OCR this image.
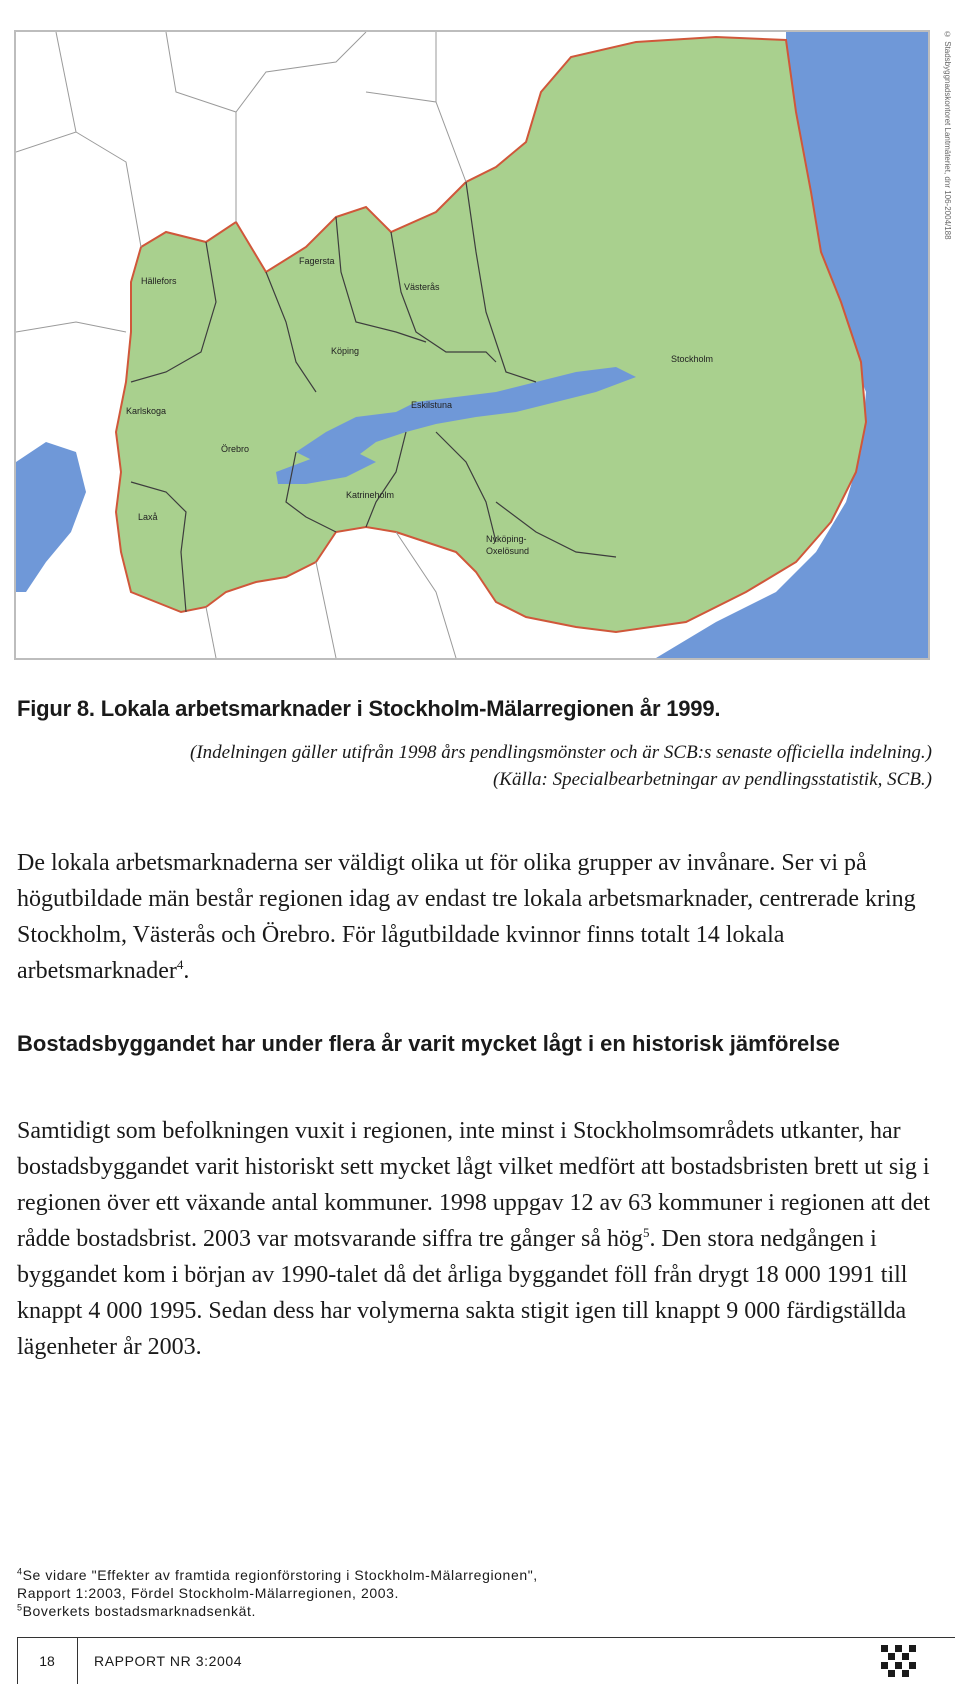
Hällefors
Fagersta
Västerås
Köping
Karlskoga
Örebro
Eskilstuna
Stockholm
Laxå
Katrineholm
Nyköping-
Oxelösund
© Stadsbyggnadskontoret Lantmäteriet, dnr 106-2004/188
Figur 8. Lokala arbetsmarknader i Stockholm-Mälarregionen år 1999.
(Indelningen gäller utifrån 1998 års pendlingsmönster och är SCB:s senaste officiella indelning.) (Källa: Specialbearbetningar av pendlingsstatistik, SCB.)
De lokala arbetsmarknaderna ser väldigt olika ut för olika grupper av invånare. Ser vi på högutbildade män består regionen idag av endast tre lokala arbetsmarknader, centrerade kring Stockholm, Västerås och Örebro. För lågutbildade kvinnor finns totalt 14 lokala arbetsmarknader$^4$.
Bostadsbyggandet har under flera år varit mycket lågt i en historisk jämförelse
Samtidigt som befolkningen vuxit i regionen, inte minst i Stockholmsområdets utkanter, har bostadsbyggandet varit historiskt sett mycket lågt vilket medfört att bostadsbristen brett ut sig i regionen över ett växande antal kommuner. 1998 uppgav 12 av 63 kommuner i regionen att det rådde bostadsbrist. 2003 var motsvarande siffra tre gånger så hög$^5$. Den stora nedgången i byggandet kom i början av 1990-talet då det årliga byggandet föll från drygt 18 000 1991 till knappt 4 000 1995. Sedan dess har volymerna sakta stigit igen till knappt 9 000 färdigställda lägenheter år 2003.
$^4$Se vidare "Effekter av framtida regionförstoring i Stockholm-Mälarregionen",
Rapport 1:2003, Fördel Stockholm-Mälarregionen, 2003.
$^5$Boverkets bostadsmarknadsenkät.
18	RAPPORT NR 3:2004
